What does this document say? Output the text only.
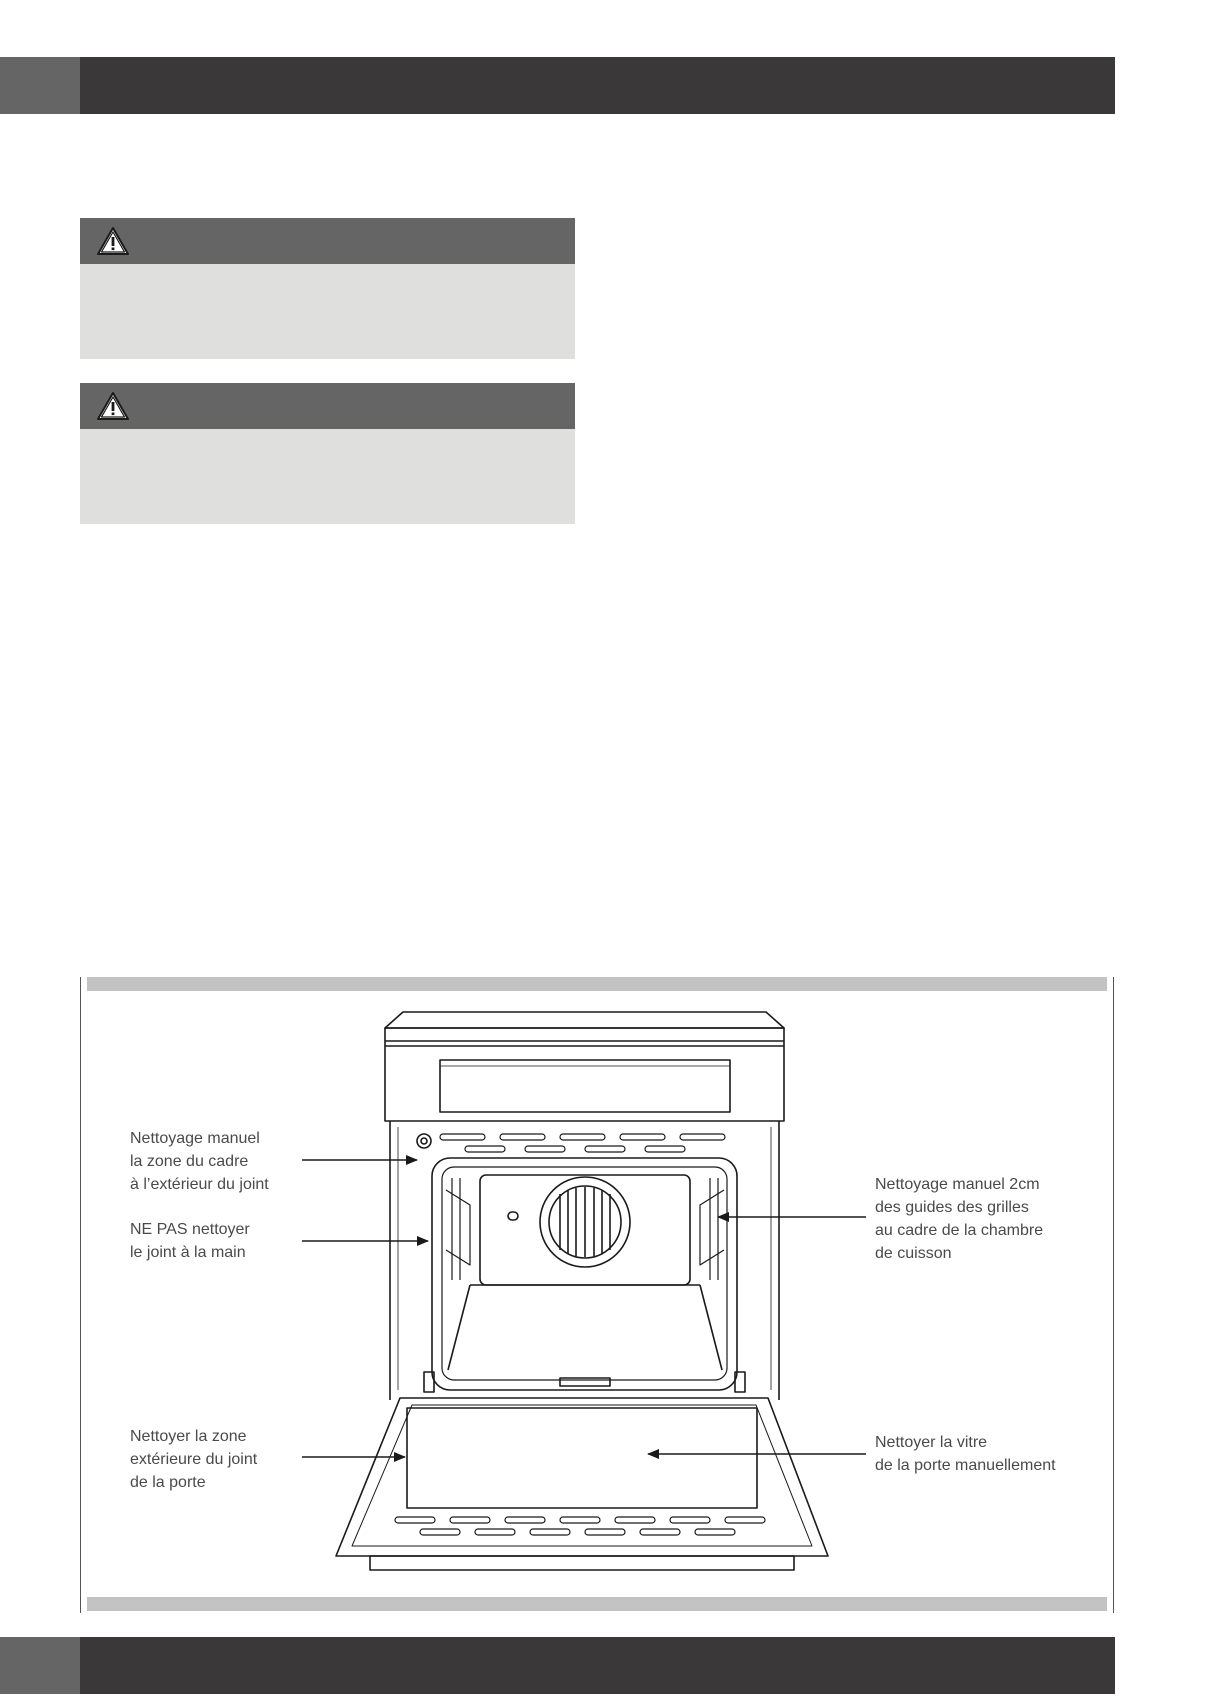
Nettoyage manuel
la zone du cadre
à l’extérieur du joint
NE PAS nettoyer
le joint à la main
Nettoyer la zone
extérieure du joint
de la porte
Nettoyage manuel 2cm
des guides des grilles
au cadre de la chambre
de cuisson
Nettoyer la vitre
de la porte manuellement
